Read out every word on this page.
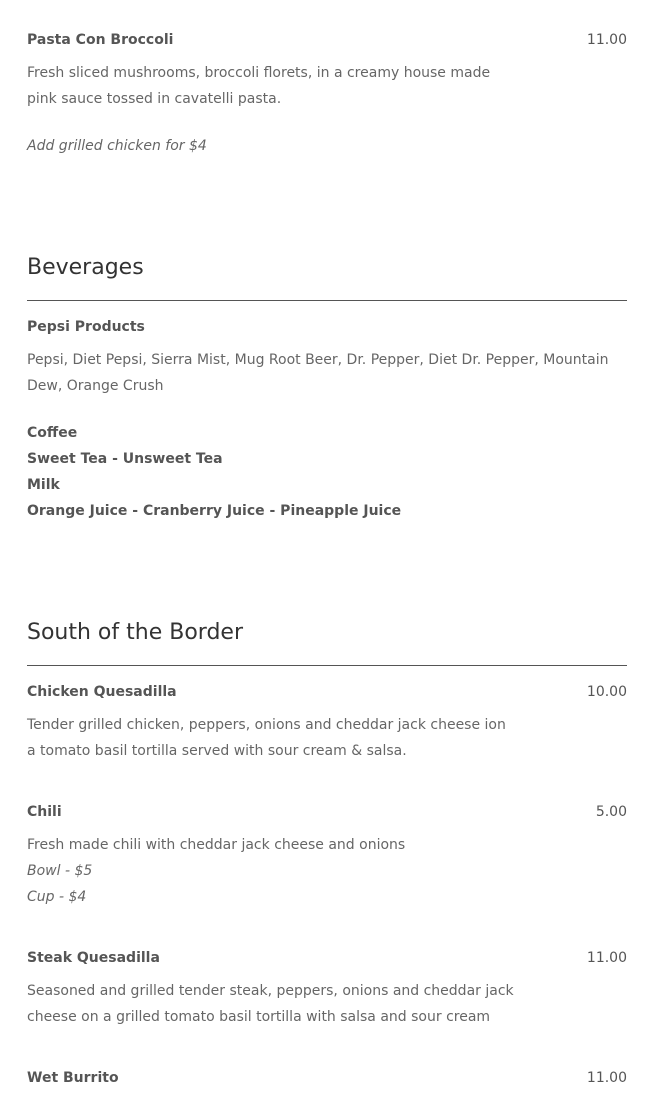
Pasta Con Broccoli	11.00

Fresh sliced mushrooms, broccoli florets, in a creamy house made pink sauce tossed in cavatelli pasta.

Add grilled chicken for $4
Beverages
Pepsi Products

Pepsi, Diet Pepsi, Sierra Mist, Mug Root Beer, Dr. Pepper, Diet Dr. Pepper, Mountain Dew, Orange Crush

Coffee
Sweet Tea - Unsweet Tea
Milk
Orange Juice - Cranberry Juice - Pineapple Juice
South of the Border
Chicken Quesadilla	10.00

Tender grilled chicken, peppers, onions and cheddar jack cheese ion a tomato basil tortilla served with sour cream & salsa.

Chili	5.00

Fresh made chili with cheddar jack cheese and onions

Bowl - $5
Cup - $4
Steak Quesadilla	11.00

Seasoned and grilled tender steak, peppers, onions and cheddar jack cheese on a grilled tomato basil tortilla with salsa and sour cream

Wet Burrito	11.00
